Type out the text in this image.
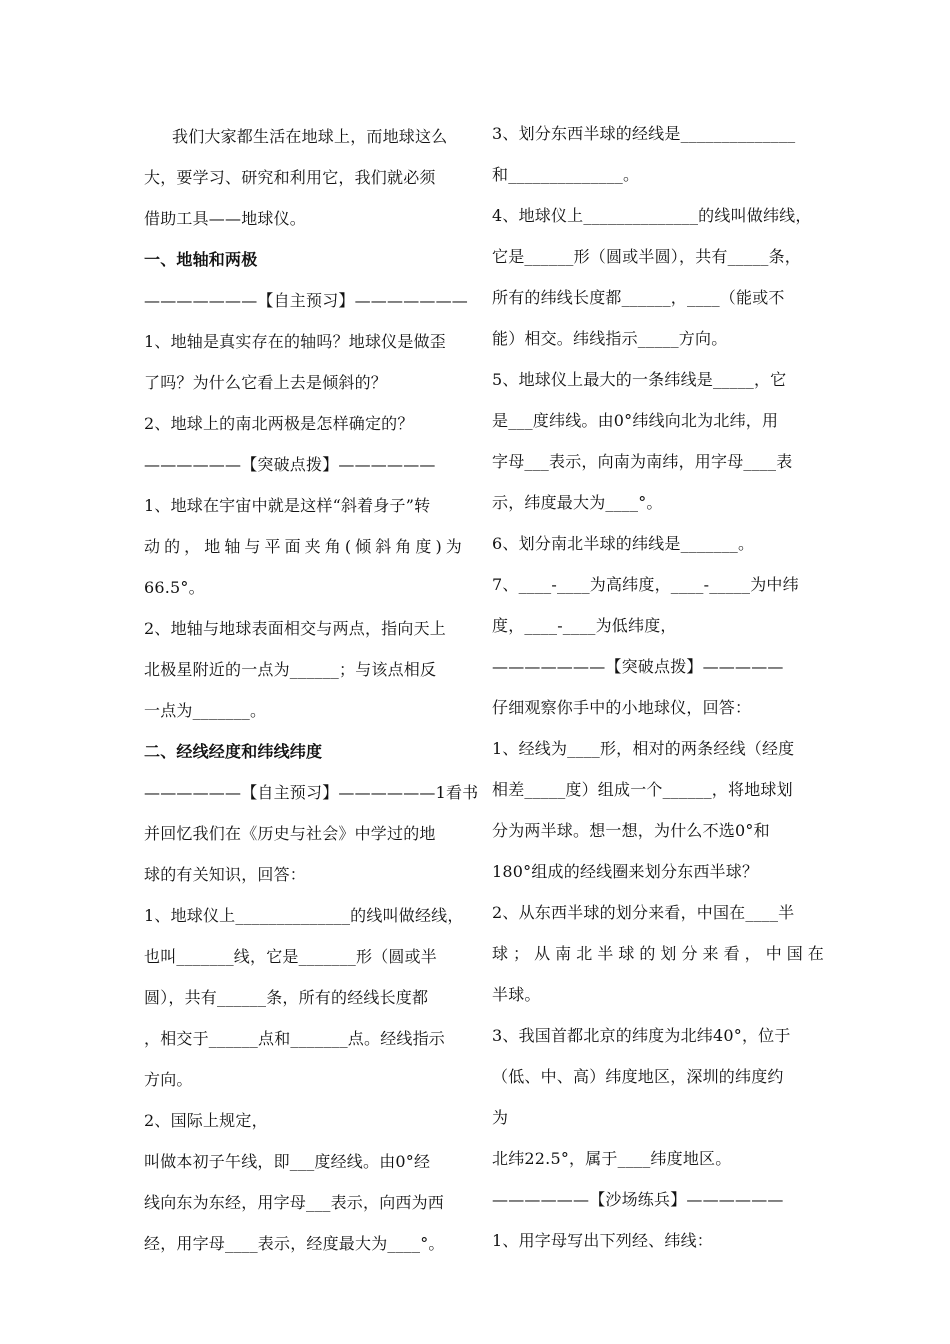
我们大家都生活在地球上，而地球这么
大，要学习、研究和利用它，我们就必须
借助工具——地球仪。
一、地轴和两极
———————【自主预习】———————
1、地轴是真实存在的轴吗？地球仪是做歪
了吗？为什么它看上去是倾斜的？
2、地球上的南北两极是怎样确定的？
——————【突破点拨】——————
1、地球在宇宙中就是这样“斜着身子”转
动的，地轴与平面夹角(倾斜角度)为
66.5°。
2、地轴与地球表面相交与两点，指向天上
北极星附近的一点为______；与该点相反
一点为_______。
二、经线经度和纬线纬度
——————【自主预习】——————1看书
并回忆我们在《历史与社会》中学过的地
球的有关知识，回答：
1、地球仪上______________的线叫做经线，
也叫_______线，它是_______形（圆或半
圆），共有______条，所有的经线长度都
，相交于______点和_______点。经线指示
方向。
2、国际上规定，
叫做本初子午线，即___度经线。由0°经
线向东为东经，用字母___表示，向西为西
经，用字母____表示，经度最大为____°。
3、划分东西半球的经线是______________
和______________。
4、地球仪上______________的线叫做纬线，
它是______形（圆或半圆），共有_____条，
所有的纬线长度都______，____（能或不
能）相交。纬线指示_____方向。
5、地球仪上最大的一条纬线是_____，它
是___度纬线。由0°纬线向北为北纬，用
字母___表示，向南为南纬，用字母____表
示，纬度最大为____°。
6、划分南北半球的纬线是_______。
7、____-____为高纬度，____-_____为中纬
度，____-____为低纬度，
———————【突破点拨】—————
仔细观察你手中的小地球仪，回答：
1、经线为____形，相对的两条经线（经度
相差_____度）组成一个______，将地球划
分为两半球。想一想，为什么不选0°和
180°组成的经线圈来划分东西半球？
2、从东西半球的划分来看，中国在____半
球；从南北半球的划分来看，中国在
半球。
3、我国首都北京的纬度为北纬40°，位于
（低、中、高）纬度地区，深圳的纬度约
为
北纬22.5°，属于____纬度地区。
——————【沙场练兵】——————
1、用字母写出下列经、纬线：
